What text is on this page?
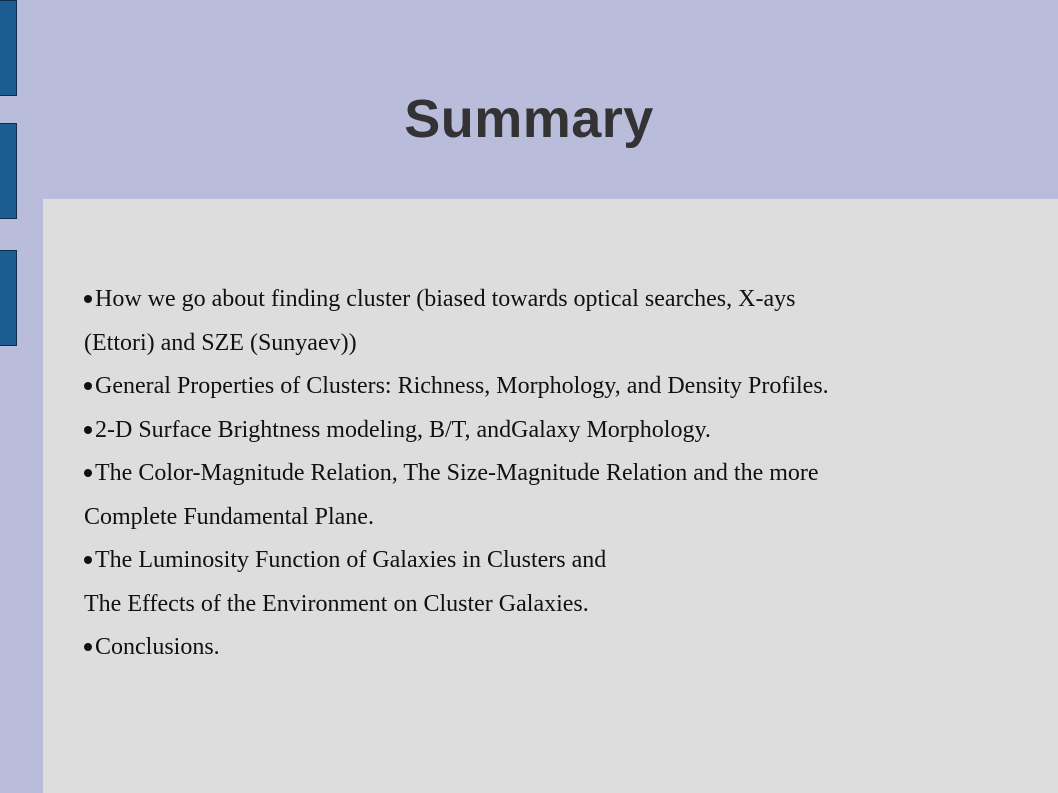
Summary
How we go about finding cluster (biased towards optical searches, X-ays
(Ettori) and SZE (Sunyaev))
General Properties of Clusters: Richness, Morphology, and Density Profiles.
2-D Surface Brightness modeling, B/T, andGalaxy Morphology.
The Color-Magnitude Relation, The Size-Magnitude Relation and the more
Complete Fundamental Plane.
The Luminosity Function of Galaxies in Clusters and
The Effects of the Environment on Cluster Galaxies.
Conclusions.
